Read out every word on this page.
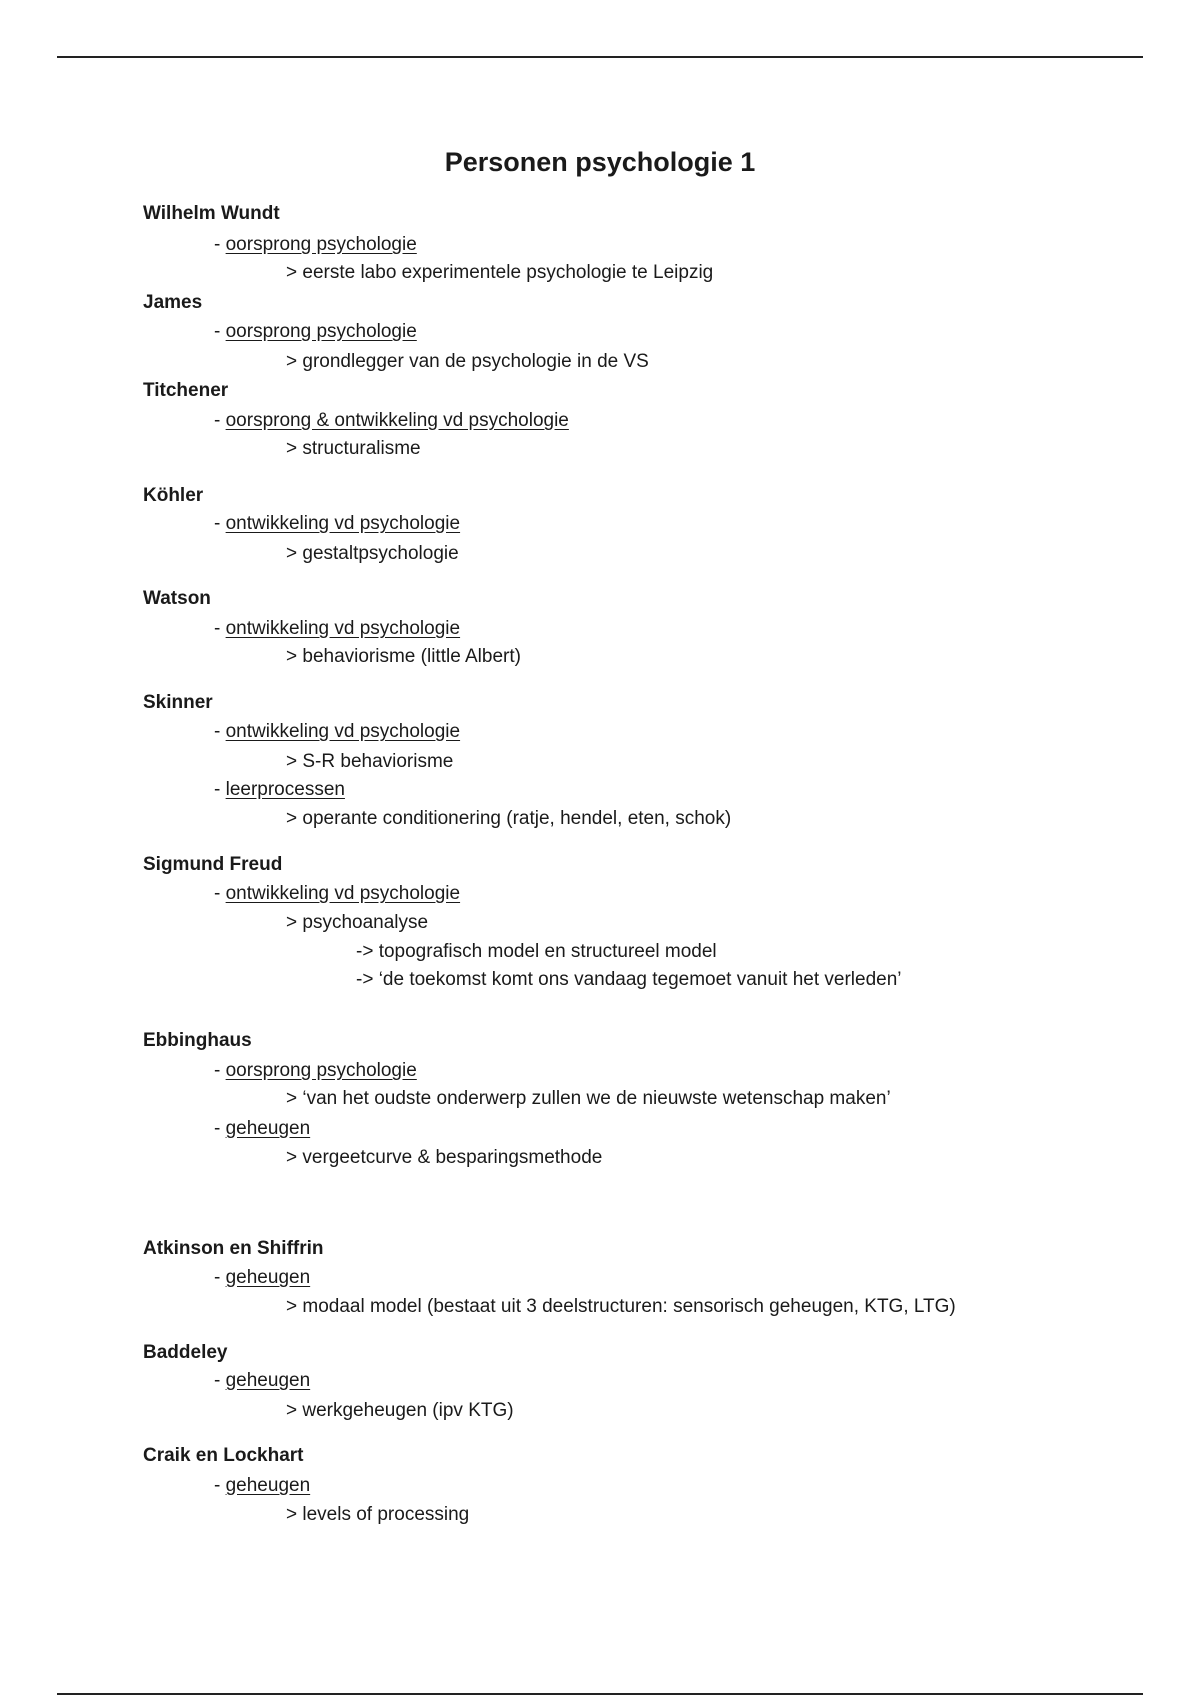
Personen psychologie 1
Wilhelm Wundt
- oorsprong psychologie
> eerste labo experimentele psychologie te Leipzig
James
- oorsprong psychologie
> grondlegger van de psychologie in de VS
Titchener
- oorsprong & ontwikkeling vd psychologie
> structuralisme
Köhler
- ontwikkeling vd psychologie
> gestaltpsychologie
Watson
- ontwikkeling vd psychologie
> behaviorisme (little Albert)
Skinner
- ontwikkeling vd psychologie
> S-R behaviorisme
- leerprocessen
> operante conditionering (ratje, hendel, eten, schok)
Sigmund Freud
- ontwikkeling vd psychologie
> psychoanalyse
-> topografisch model en structureel model
-> ‘de toekomst komt ons vandaag tegemoet vanuit het verleden’
Ebbinghaus
- oorsprong psychologie
> ‘van het oudste onderwerp zullen we de nieuwste wetenschap maken’
- geheugen
> vergeetcurve & besparingsmethode
Atkinson en Shiffrin
- geheugen
> modaal model (bestaat uit 3 deelstructuren: sensorisch geheugen, KTG, LTG)
Baddeley
- geheugen
> werkgeheugen (ipv KTG)
Craik en Lockhart
- geheugen
> levels of processing
